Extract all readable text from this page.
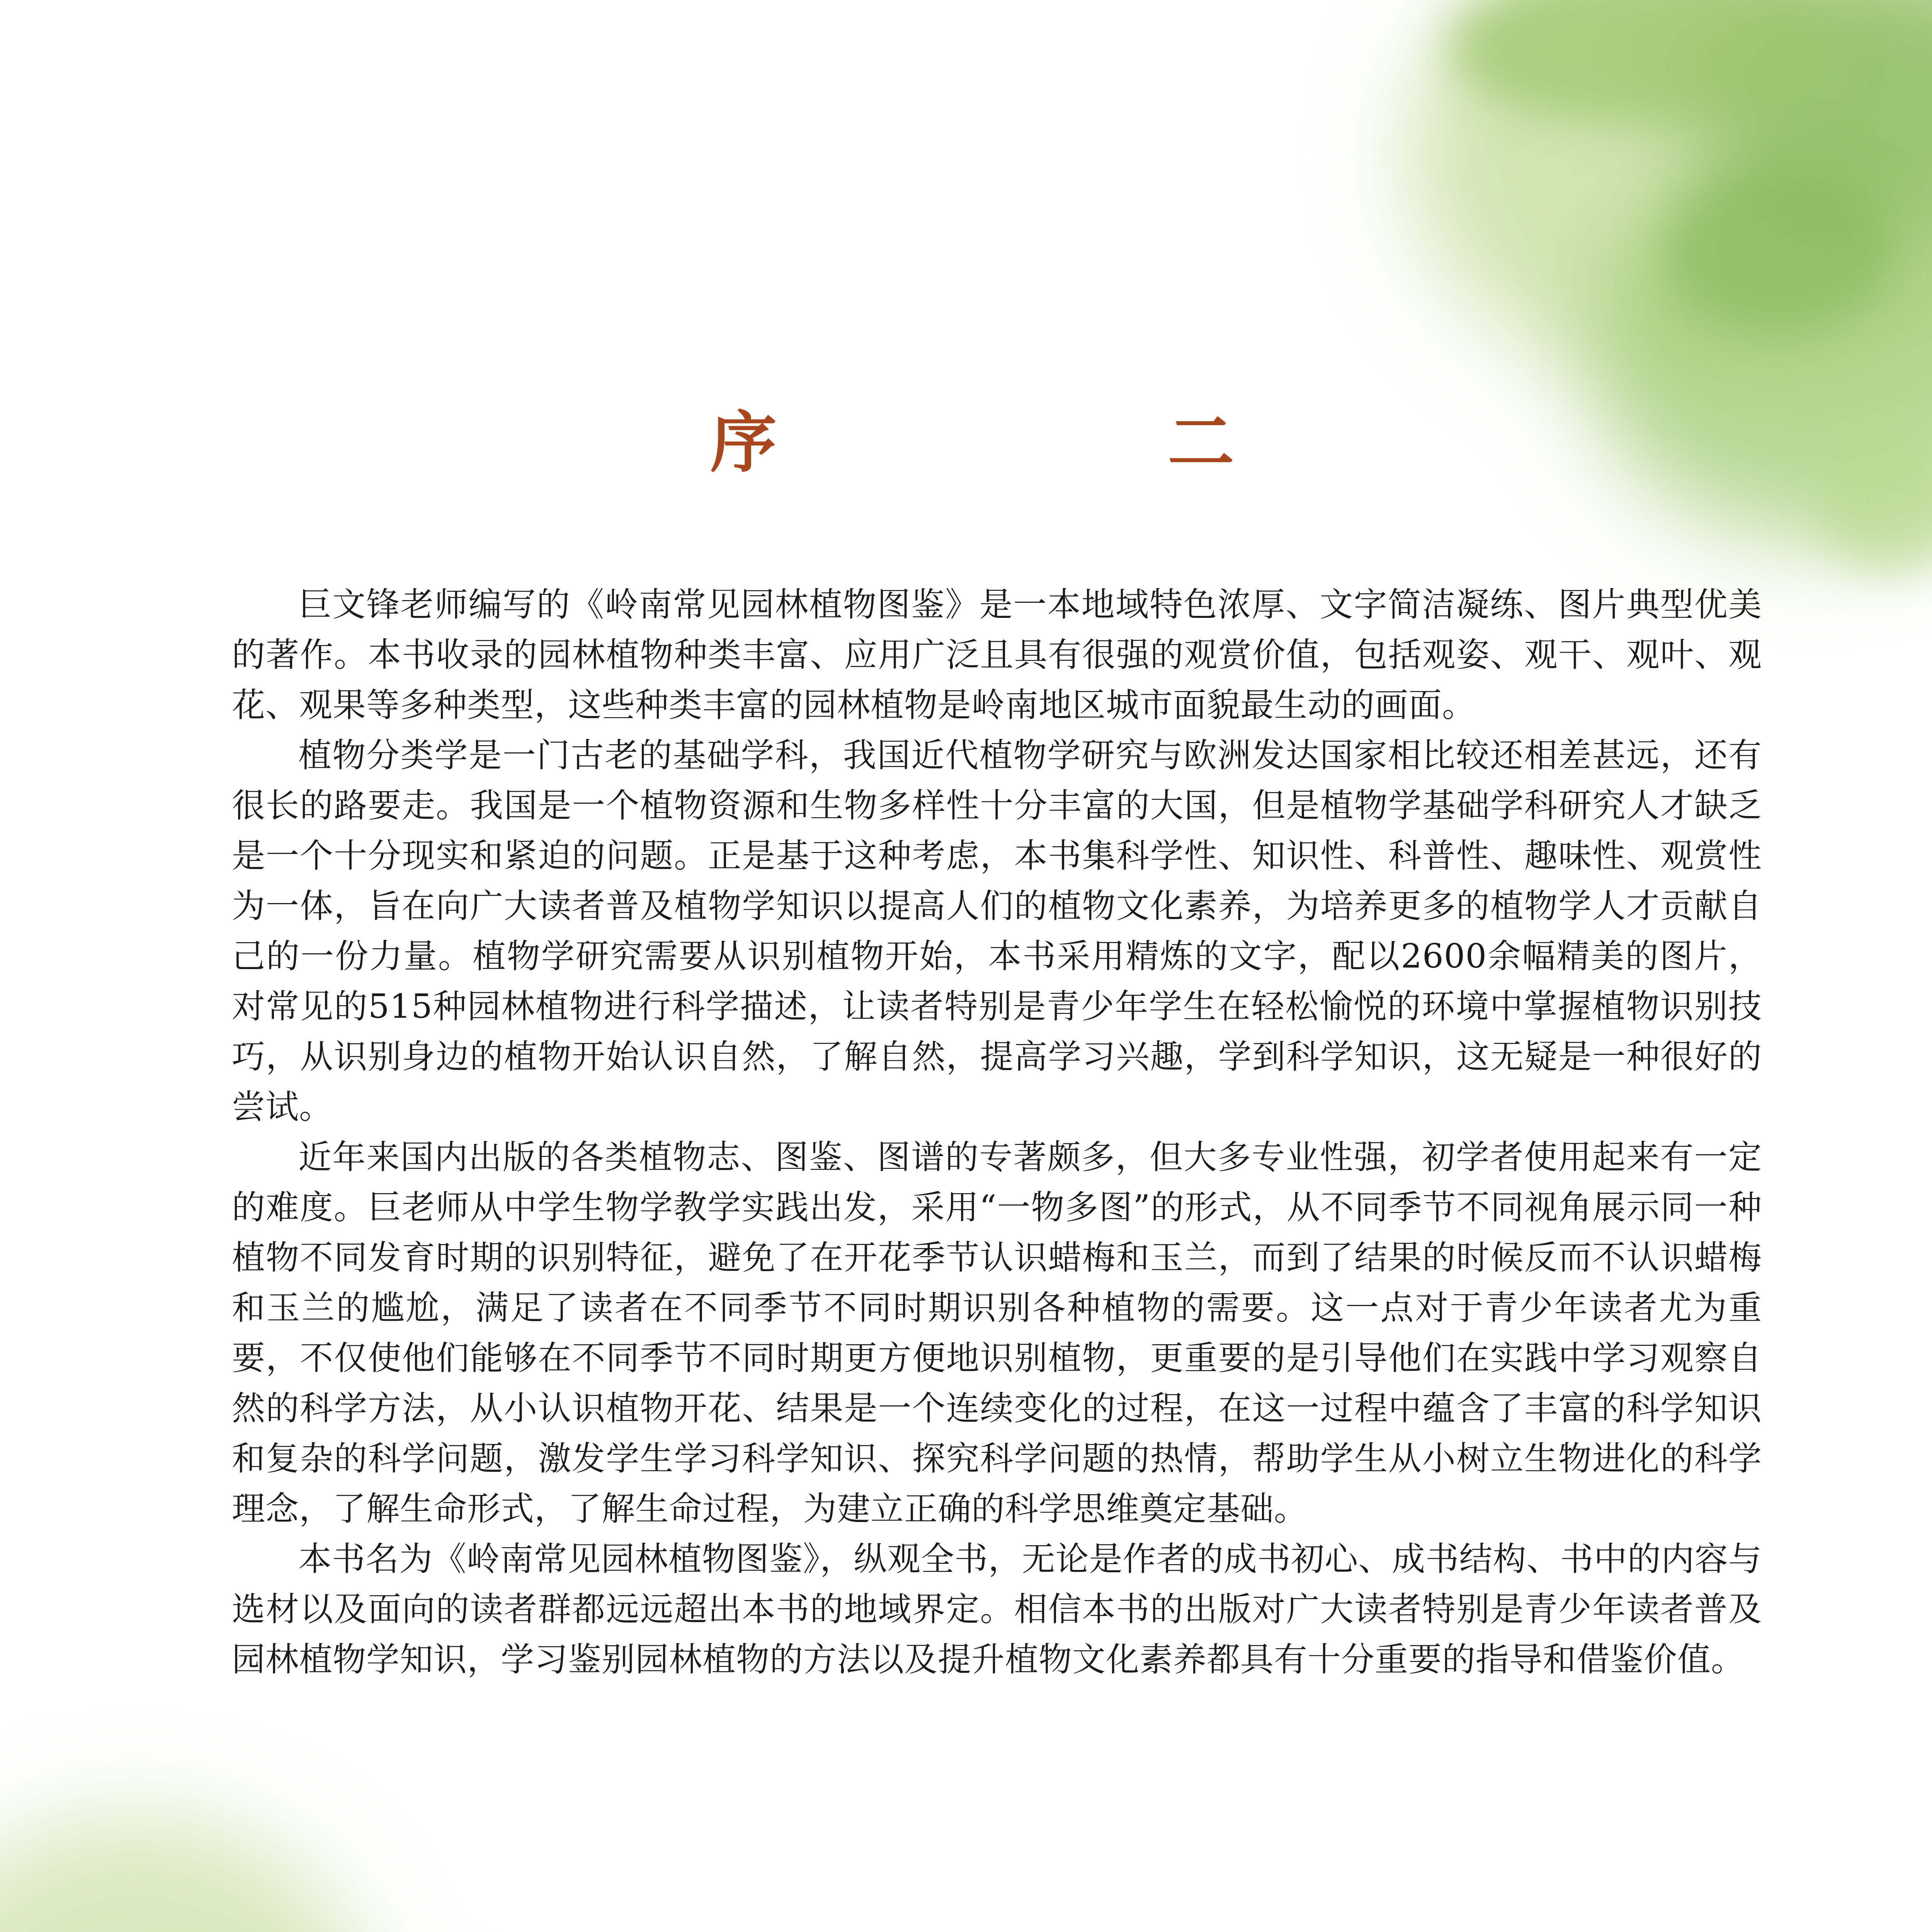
序　二

巨文锋老师编写的《岭南常见园林植物图鉴》是一本地域特色浓厚、文字简洁凝练、图片典型优美的著作。本书收录的园林植物种类丰富、应用广泛且具有很强的观赏价值，包括观姿、观干、观叶、观花、观果等多种类型，这些种类丰富的园林植物是岭南地区城市面貌最生动的画面。

植物分类学是一门古老的基础学科，我国近代植物学研究与欧洲发达国家相比较还相差甚远，还有很长的路要走。我国是一个植物资源和生物多样性十分丰富的大国，但是植物学基础学科研究人才缺乏是一个十分现实和紧迫的问题。正是基于这种考虑，本书集科学性、知识性、科普性、趣味性、观赏性为一体，旨在向广大读者普及植物学知识以提高人们的植物文化素养，为培养更多的植物学人才贡献自己的一份力量。植物学研究需要从识别植物开始，本书采用精炼的文字，配以2600余幅精美的图片，对常见的515种园林植物进行科学描述，让读者特别是青少年学生在轻松愉悦的环境中掌握植物识别技巧，从识别身边的植物开始认识自然，了解自然，提高学习兴趣，学到科学知识，这无疑是一种很好的尝试。

近年来国内出版的各类植物志、图鉴、图谱的专著颇多，但大多专业性强，初学者使用起来有一定的难度。巨老师从中学生物学教学实践出发，采用“一物多图”的形式，从不同季节不同视角展示同一种植物不同发育时期的识别特征，避免了在开花季节认识蜡梅和玉兰，而到了结果的时候反而不认识蜡梅和玉兰的尴尬，满足了读者在不同季节不同时期识别各种植物的需要。这一点对于青少年读者尤为重要，不仅使他们能够在不同季节不同时期更方便地识别植物，更重要的是引导他们在实践中学习观察自然的科学方法，从小认识植物开花、结果是一个连续变化的过程，在这一过程中蕴含了丰富的科学知识和复杂的科学问题，激发学生学习科学知识、探究科学问题的热情，帮助学生从小树立生物进化的科学理念，了解生命形式，了解生命过程，为建立正确的科学思维奠定基础。

本书名为《岭南常见园林植物图鉴》，纵观全书，无论是作者的成书初心、成书结构、书中的内容与选材以及面向的读者群都远远超出本书的地域界定。相信本书的出版对广大读者特别是青少年读者普及园林植物学知识，学习鉴别园林植物的方法以及提升植物文化素养都具有十分重要的指导和借鉴价值。
